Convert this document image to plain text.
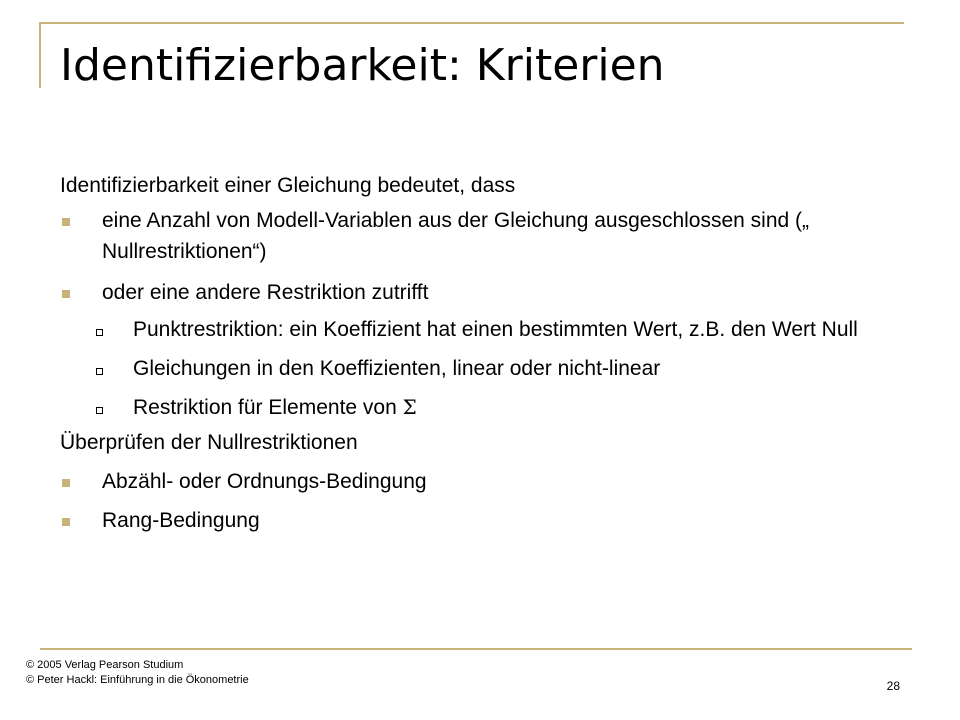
Identifizierbarkeit: Kriterien
Identifizierbarkeit einer Gleichung bedeutet, dass
eine Anzahl von Modell-Variablen aus der Gleichung ausgeschlossen sind („ Nullrestriktionen“)
oder eine andere Restriktion zutrifft
Punktrestriktion: ein Koeffizient hat einen bestimmten Wert, z.B. den Wert Null
Gleichungen in den Koeffizienten, linear oder nicht-linear
Restriktion für Elemente von Σ
Überprüfen der Nullrestriktionen
Abzähl- oder Ordnungs-Bedingung
Rang-Bedingung
© 2005 Verlag Pearson Studium
© Peter Hackl: Einführung in die Ökonometrie	28
